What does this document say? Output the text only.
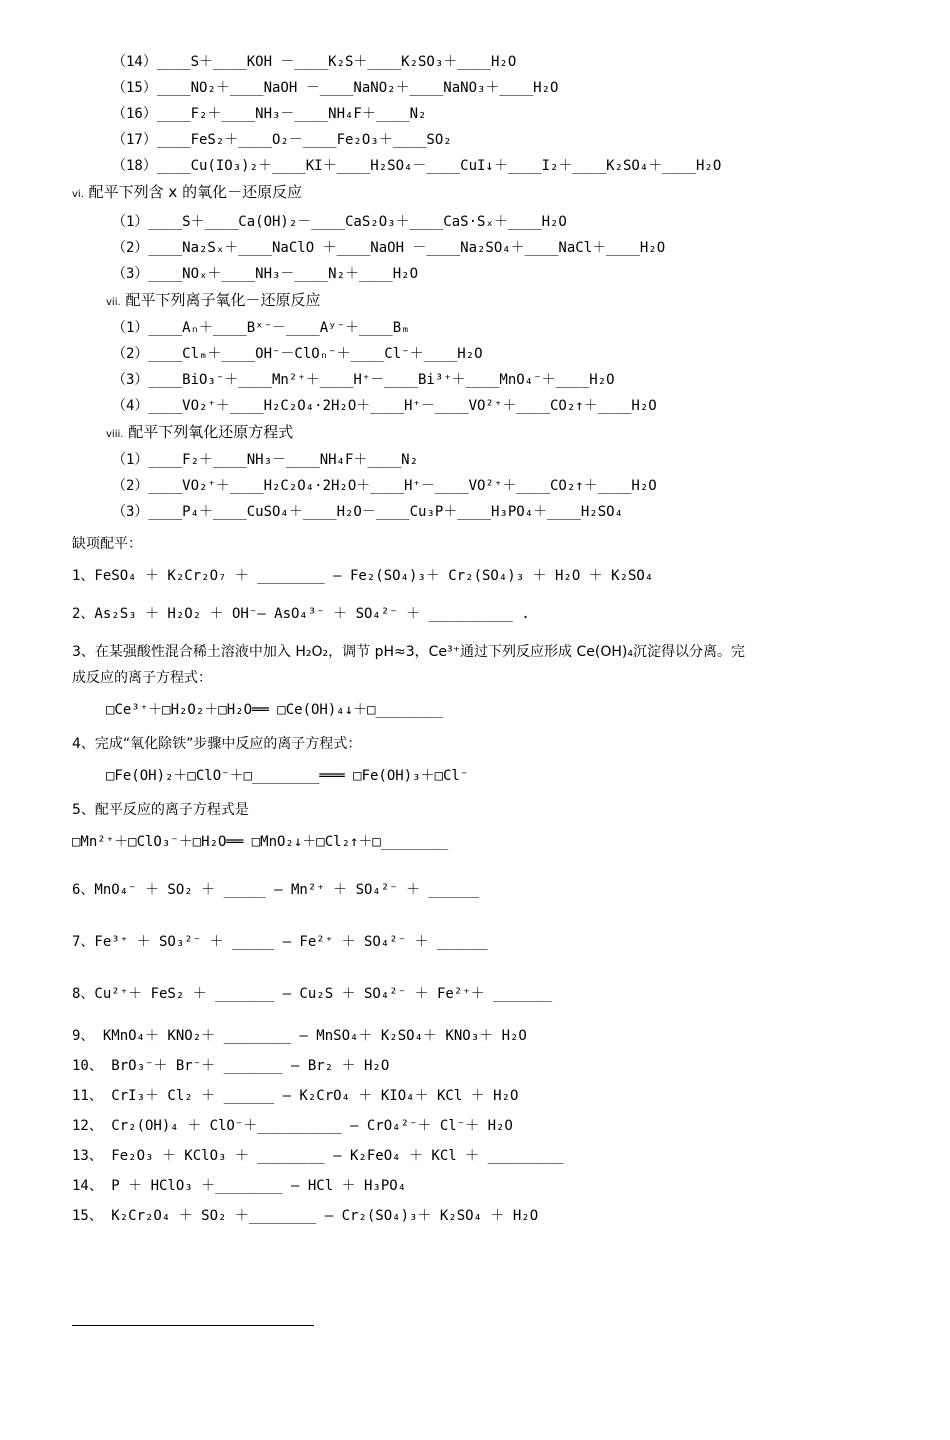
（14）____S＋____KOH －____K₂S＋____K₂SO₃＋____H₂O
（15）____NO₂＋____NaOH －____NaNO₂＋____NaNO₃＋____H₂O
（16）____F₂＋____NH₃－____NH₄F＋____N₂
（17）____FeS₂＋____O₂－____Fe₂O₃＋____SO₂
（18）____Cu(IO₃)₂＋____KI＋____H₂SO₄－____CuI↓＋____I₂＋____K₂SO₄＋____H₂O
vi. 配平下列含 x 的氧化－还原反应
（1）____S＋____Ca(OH)₂－____CaS₂O₃＋____CaS·Sₓ＋____H₂O
（2）____Na₂Sₓ＋____NaClO ＋____NaOH －____Na₂SO₄＋____NaCl＋____H₂O
（3）____NOₓ＋____NH₃－____N₂＋____H₂O
vii. 配平下列离子氧化－还原反应
（1）____Aₙ＋____Bˣ⁻－____Aʸ⁻＋____Bₘ
（2）____Clₘ＋____OH⁻－ClOₙ⁻＋____Cl⁻＋____H₂O
（3）____BiO₃⁻＋____Mn²⁺＋____H⁺－____Bi³⁺＋____MnO₄⁻＋____H₂O
（4）____VO₂⁺＋____H₂C₂O₄·2H₂O＋____H⁺－____VO²⁺＋____CO₂↑＋____H₂O
viii. 配平下列氧化还原方程式
（1）____F₂＋____NH₃－____NH₄F＋____N₂
（2）____VO₂⁺＋____H₂C₂O₄·2H₂O＋____H⁺－____VO²⁺＋____CO₂↑＋____H₂O
（3）____P₄＋____CuSO₄＋____H₂O－____Cu₃P＋____H₃PO₄＋____H₂SO₄
缺项配平：
1、FeSO₄ ＋ K₂Cr₂O₇ ＋ ________ — Fe₂(SO₄)₃＋ Cr₂(SO₄)₃ ＋ H₂O ＋ K₂SO₄
2、As₂S₃ ＋ H₂O₂ ＋ OH⁻— AsO₄³⁻ ＋ SO₄²⁻ ＋ __________ .
3、在某强酸性混合稀土溶液中加入 H₂O₂，调节 pH≈3，Ce³⁺通过下列反应形成 Ce(OH)₄沉淀得以分离。完
成反应的离子方程式：
□Ce³⁺＋□H₂O₂＋□H₂O══ □Ce(OH)₄↓＋□________
4、完成“氧化除铁”步骤中反应的离子方程式：
□Fe(OH)₂＋□ClO⁻＋□________═══ □Fe(OH)₃＋□Cl⁻
5、配平反应的离子方程式是
□Mn²⁺＋□ClO₃⁻＋□H₂O══ □MnO₂↓＋□Cl₂↑＋□________
6、MnO₄⁻ ＋ SO₂ ＋ _____ — Mn²⁺ ＋ SO₄²⁻ ＋ ______
7、Fe³⁺ ＋ SO₃²⁻ ＋ _____ — Fe²⁺ ＋ SO₄²⁻ ＋ ______
8、Cu²⁺＋ FeS₂ ＋ _______ — Cu₂S ＋ SO₄²⁻ ＋ Fe²⁺＋ _______
9、 KMnO₄＋ KNO₂＋ ________ — MnSO₄＋ K₂SO₄＋ KNO₃＋ H₂O
10、 BrO₃⁻＋ Br⁻＋ _______ — Br₂ ＋ H₂O
11、 CrI₃＋ Cl₂ ＋ ______ — K₂CrO₄ ＋ KIO₄＋ KCl ＋ H₂O
12、 Cr₂(OH)₄ ＋ ClO⁻＋__________ — CrO₄²⁻＋ Cl⁻＋ H₂O
13、 Fe₂O₃ ＋ KClO₃ ＋ ________ — K₂FeO₄ ＋ KCl ＋ _________
14、 P ＋ HClO₃ ＋________ — HCl ＋ H₃PO₄
15、 K₂Cr₂O₄ ＋ SO₂ ＋________ — Cr₂(SO₄)₃＋ K₂SO₄ ＋ H₂O
